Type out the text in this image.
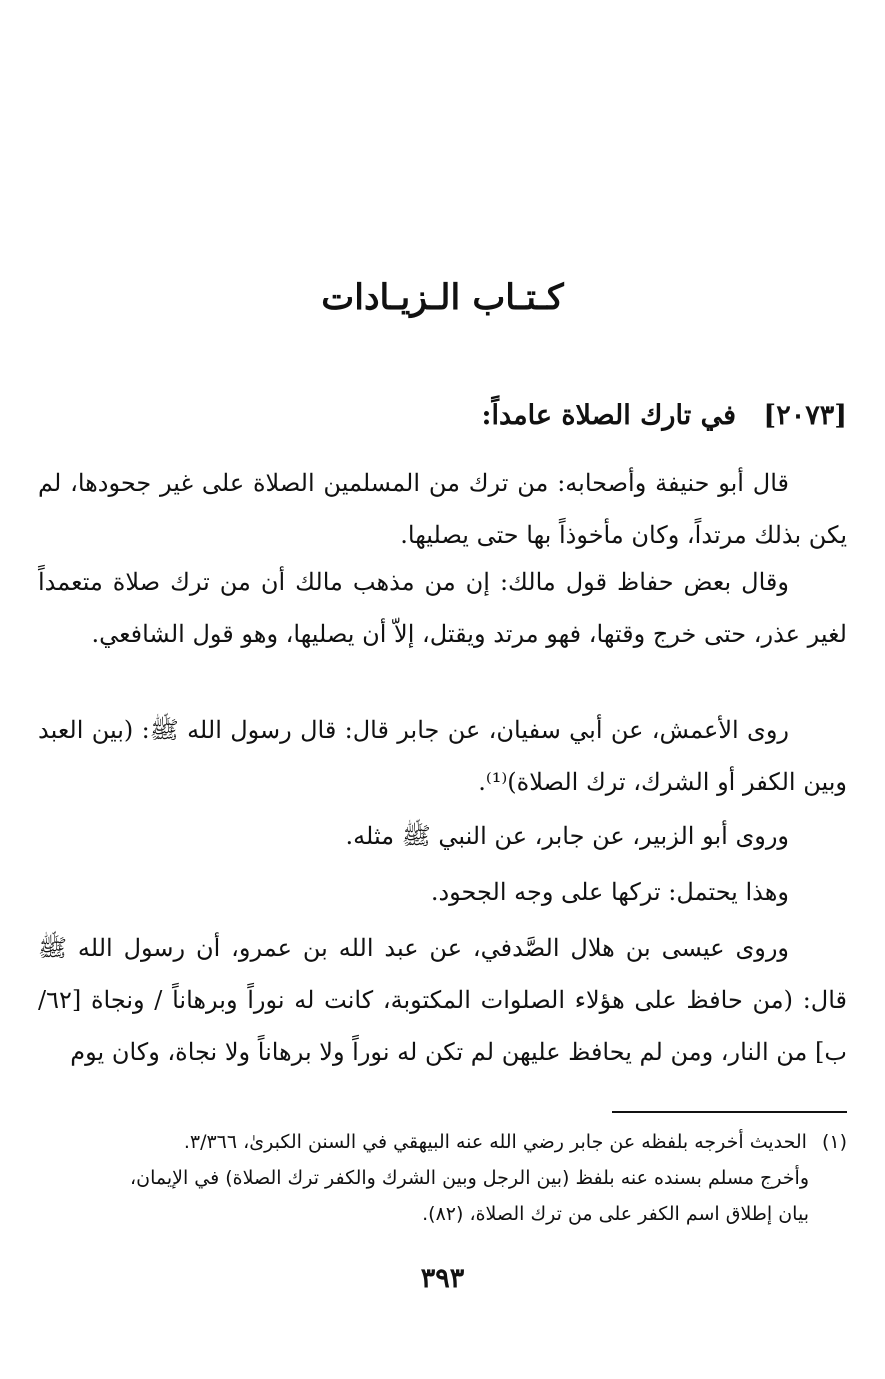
كـتـاب الـزيـادات
[٢٠٧٣] في تارك الصلاة عامداً:

قال أبو حنيفة وأصحابه: من ترك من المسلمين الصلاة على غير جحودها، لم يكن بذلك مرتداً، وكان مأخوذاً بها حتى يصليها.

وقال بعض حفاظ قول مالك: إن من مذهب مالك أن من ترك صلاة متعمداً لغير عذر، حتى خرج وقتها، فهو مرتد ويقتل، إلاّ أن يصليها، وهو قول الشافعي.

روى الأعمش، عن أبي سفيان، عن جابر قال: قال رسول الله ﷺ: (بين العبد وبين الكفر أو الشرك، ترك الصلاة)⁽¹⁾.

وروى أبو الزبير، عن جابر، عن النبي ﷺ مثله.

وهذا يحتمل: تركها على وجه الجحود.

وروى عيسى بن هلال الصَّدفي، عن عبد الله بن عمرو، أن رسول الله ﷺ قال: (من حافظ على هؤلاء الصلوات المكتوبة، كانت له نوراً وبرهاناً / ونجاة [٦٢/ب] من النار، ومن لم يحافظ عليهن لم تكن له نوراً ولا برهاناً ولا نجاة، وكان يوم

(١) الحديث أخرجه بلفظه عن جابر رضي الله عنه البيهقي في السنن الكبرىٰ، ٣/٣٦٦.
وأخرج مسلم بسنده عنه بلفظ (بين الرجل وبين الشرك والكفر ترك الصلاة) في الإيمان،
بيان إطلاق اسم الكفر على من ترك الصلاة، (٨٢).
٣٩٣
